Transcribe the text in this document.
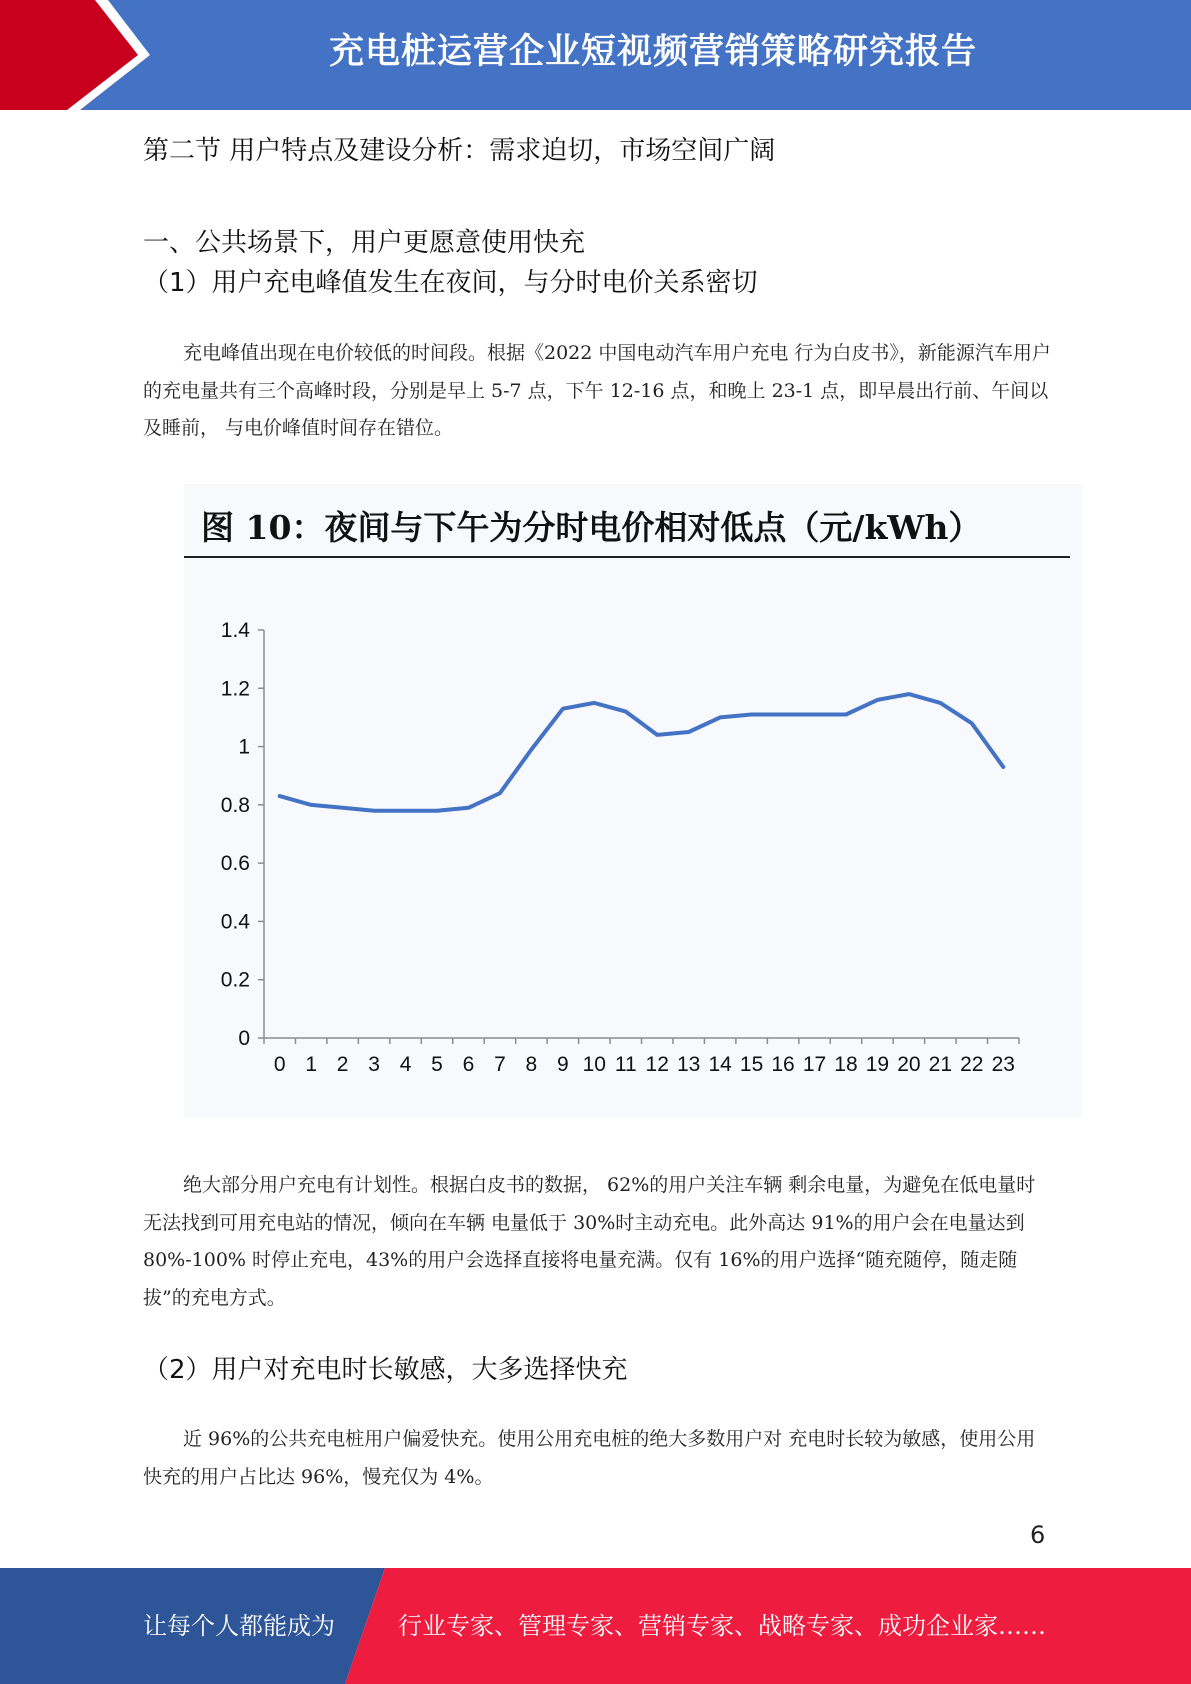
充电桩运营企业短视频营销策略研究报告
第二节 用户特点及建设分析：需求迫切，市场空间广阔
一、公共场景下，用户更愿意使用快充
（1）用户充电峰值发生在夜间，与分时电价关系密切

充电峰值出现在电价较低的时间段。根据《2022 中国电动汽车用户充电 行为白皮书》，新能源汽车用户的充电量共有三个高峰时段，分别是早上 5-7 点，下午 12-16 点，和晚上 23-1 点，即早晨出行前、午间以及睡前， 与电价峰值时间存在错位。

图 10：夜间与下午为分时电价相对低点（元/kWh）
1.4
1.2
1
0.8
0.6
0.4
0.2
0
0 1 2 3 4 5 6 7 8 9 10 11 12 13 14 15 16 17 18 19 20 21 22 23

绝大部分用户充电有计划性。根据白皮书的数据， 62%的用户关注车辆 剩余电量，为避免在低电量时无法找到可用充电站的情况，倾向在车辆 电量低于 30%时主动充电。此外高达 91%的用户会在电量达到 80%-100% 时停止充电，43%的用户会选择直接将电量充满。仅有 16%的用户选择“随充随停，随走随拔”的充电方式。

（2）用户对充电时长敏感，大多选择快充

近 96%的公共充电桩用户偏爱快充。使用公用充电桩的绝大多数用户对 充电时长较为敏感，使用公用快充的用户占比达 96%，慢充仅为 4%。

6
让每个人都能成为	行业专家、管理专家、营销专家、战略专家、成功企业家……
